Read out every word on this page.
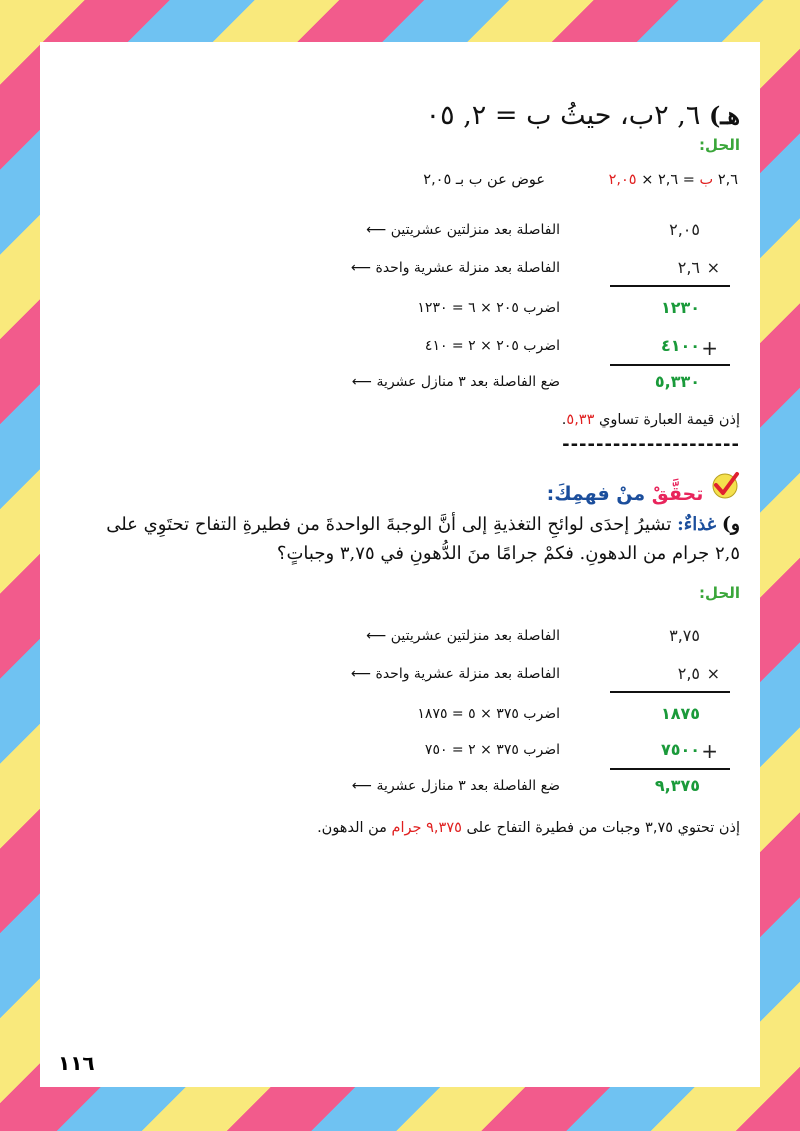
هـ) ٦, ٢ب، حيثُ ب = ٢, ٠٥
الحل:
٢,٦ ب = ٢,٦ × ٢,٠٥
عوض عن ب بـ ٢,٠٥
٢,٠٥
الفاصلة بعد منزلتين عشريتين ⟵
٢,٦ ×
الفاصلة بعد منزلة عشرية واحدة ⟵
١٢٣٠
اضرب ٢٠٥ × ٦ = ١٢٣٠
٤١٠٠ +
اضرب ٢٠٥ × ٢ = ٤١٠
٥,٣٣٠
ضع الفاصلة بعد ٣ منازل عشرية ⟵
إذن قيمة العبارة تساوي ٥,٣٣.
---------------------
تحقَّقْ منْ فهمِكَ:
و) غذاءٌ: تشيرُ إحدَى لوائحِ التغذيةِ إلى أنَّ الوجبةَ الواحدةَ من فطيرةِ التفاح تحتَوِي على ٢,٥ جرام من الدهونِ. فكمْ جرامًا منَ الدُّهونِ في ٣,٧٥ وجباتٍ؟
الحل:
٣,٧٥
الفاصلة بعد منزلتين عشريتين ⟵
٢,٥ ×
الفاصلة بعد منزلة عشرية واحدة ⟵
١٨٧٥
اضرب ٣٧٥ × ٥ = ١٨٧٥
٧٥٠٠ +
اضرب ٣٧٥ × ٢ = ٧٥٠
٩,٣٧٥
ضع الفاصلة بعد ٣ منازل عشرية ⟵
إذن تحتوي ٣,٧٥ وجبات من فطيرة التفاح على ٩,٣٧٥ جرام من الدهون.
١١٦
